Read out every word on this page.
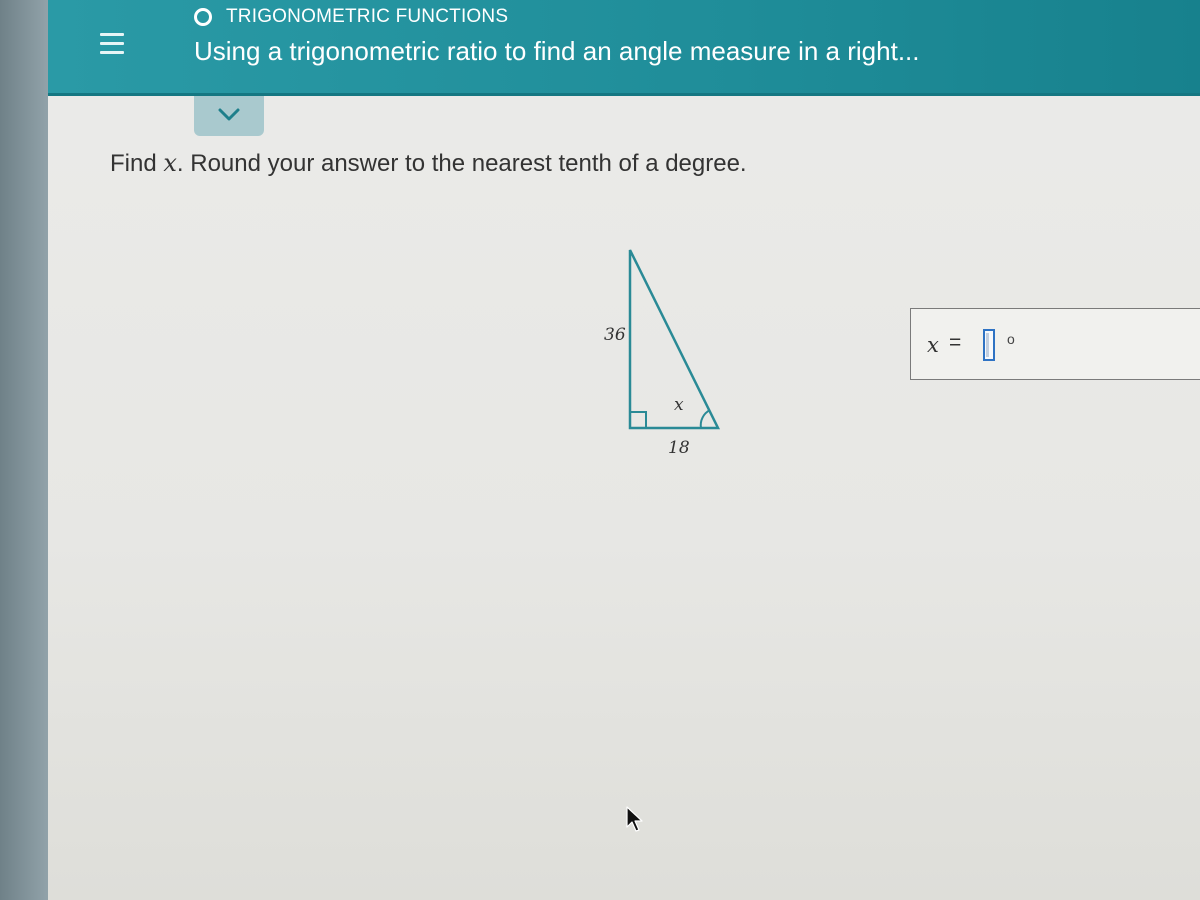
TRIGONOMETRIC FUNCTIONS
Using a trigonometric ratio to find an angle measure in a right...
Find x. Round your answer to the nearest tenth of a degree.
36
18
x
x =	o
